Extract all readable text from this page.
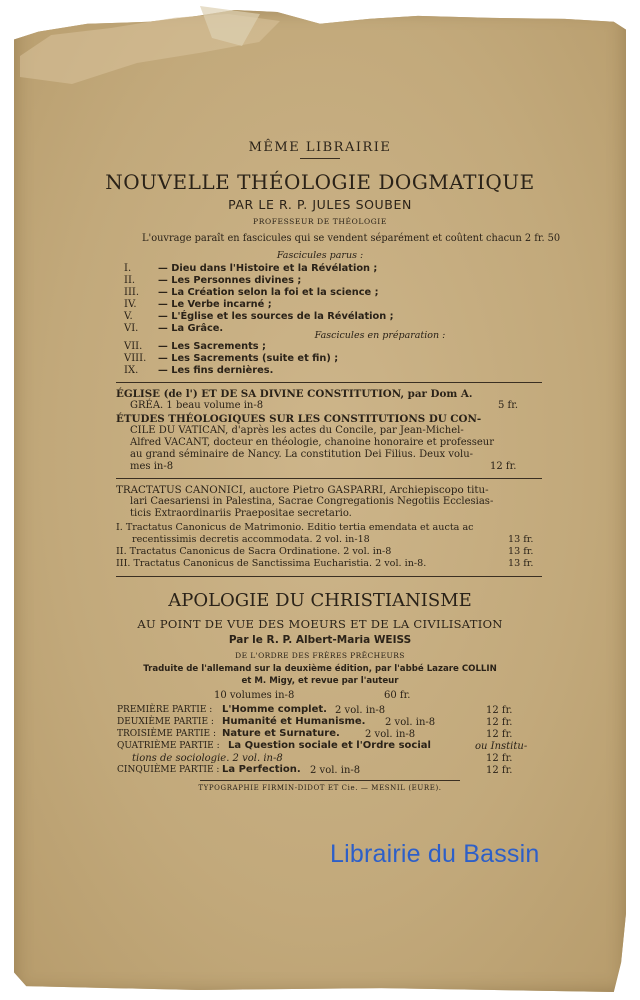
MÊME LIBRAIRIE
NOUVELLE THÉOLOGIE DOGMATIQUE
PAR LE R. P. JULES SOUBEN
PROFESSEUR DE THÉOLOGIE
L'ouvrage paraît en fascicules qui se vendent séparément et coûtent chacun 2 fr. 50
Fascicules parus :
I.	— Dieu dans l'Histoire et la Révélation ;
II. — Les Personnes divines ;
III. — La Création selon la foi et la science ;
IV. — Le Verbe incarné ;
V.	— L'Église et les sources de la Révélation ;
VI. — La Grâce.
Fascicules en préparation :
VII. — Les Sacrements ;
VIII. — Les Sacrements (suite et fin) ;
IX. — Les fins dernières.
ÉGLISE (de l') ET DE SA DIVINE CONSTITUTION, par Dom A.
GRÉA. 1 beau volume in-8	5 fr.
ÉTUDES THÉOLOGIQUES SUR LES CONSTITUTIONS DU CON-
CILE DU VATICAN, d'après les actes du Concile, par Jean-Michel-
Alfred VACANT, docteur en théologie, chanoine honoraire et professeur
au grand séminaire de Nancy. La constitution Dei Filius. Deux volu-
mes in-8	12 fr.
TRACTATUS CANONICI, auctore Pietro GASPARRI, Archiepiscopo titu-
lari Caesariensi in Palestina, Sacrae Congregationis Negotiis Ecclesias-
ticis Extraordinariis Praepositae secretario.
I. Tractatus Canonicus de Matrimonio. Editio tertia emendata et aucta ac
recentissimis decretis accommodata. 2 vol. in-18	13 fr.
II. Tractatus Canonicus de Sacra Ordinatione. 2 vol. in-8	13 fr.
III. Tractatus Canonicus de Sanctissima Eucharistia. 2 vol. in-8.	13 fr.
APOLOGIE DU CHRISTIANISME
AU POINT DE VUE DES MOEURS ET DE LA CIVILISATION
Par le R. P. Albert-Maria WEISS
DE L'ORDRE DES FRÈRES PRÊCHEURS
Traduite de l'allemand sur la deuxième édition, par l'abbé Lazare COLLIN
et M. Migy, et revue par l'auteur
10 volumes in-8	60 fr.
PREMIÈRE PARTIE : L'Homme complet. 2 vol. in-8	12 fr.
DEUXIÈME PARTIE : Humanité et Humanisme. 2 vol. in-8	12 fr.
TROISIÈME PARTIE : Nature et Surnature.	2 vol. in-8	12 fr.
QUATRIÈME PARTIE : La Question sociale et l'Ordre social	ou Institu-
tions de sociologie. 2 vol. in-8	12 fr.
CINQUIÈME PARTIE : La Perfection. 2 vol. in-8	12 fr.
TYPOGRAPHIE FIRMIN-DIDOT ET Cie. — MESNIL (EURE).
Librairie du Bassin
